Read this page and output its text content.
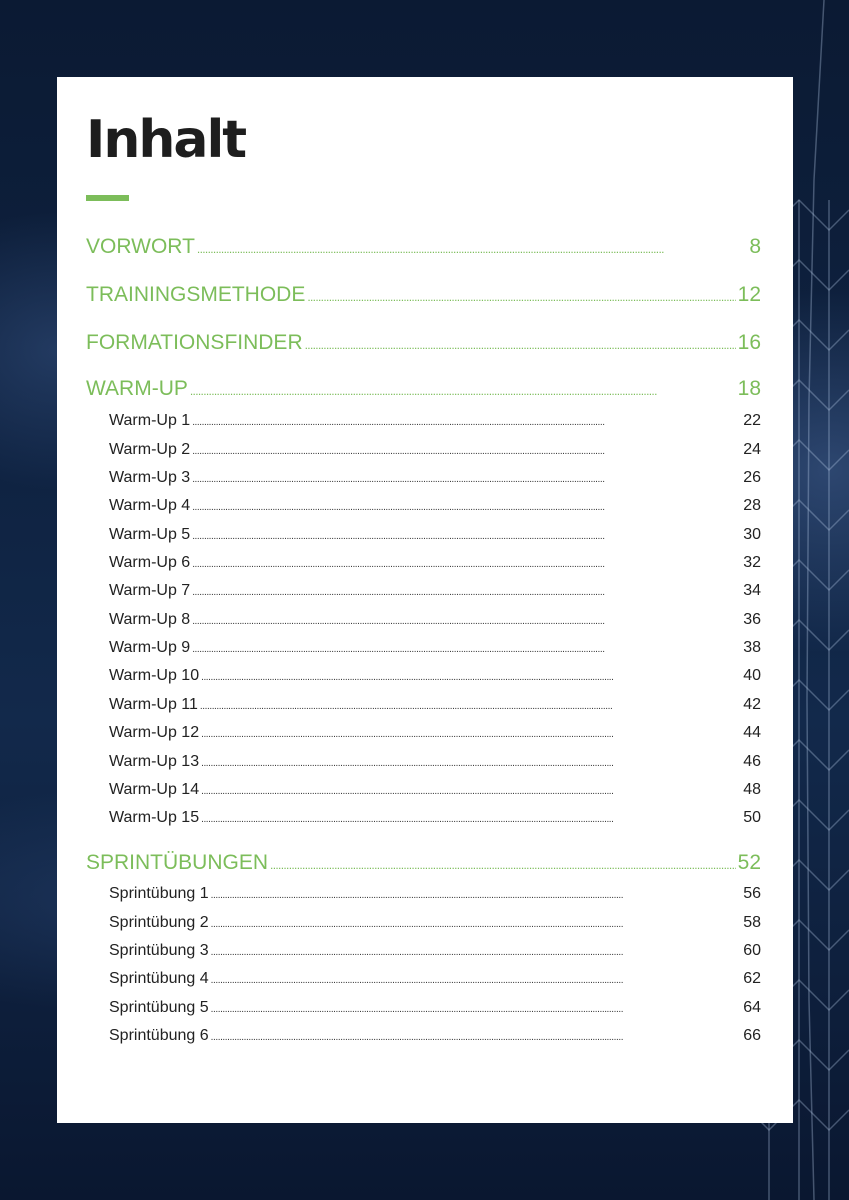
Inhalt
VORWORT . . .	8
TRAININGSMETHODE . . .	12
FORMATIONSFINDER . . .	16
WARM-UP . . .	18
Warm-Up 1 . . .	22
Warm-Up 2 . . .	24
Warm-Up 3 . . .	26
Warm-Up 4 . . .	28
Warm-Up 5 . . .	30
Warm-Up 6 . . .	32
Warm-Up 7 . . .	34
Warm-Up 8 . . .	36
Warm-Up 9 . . .	38
Warm-Up 10 . . .	40
Warm-Up 11 . . .	42
Warm-Up 12 . . .	44
Warm-Up 13 . . .	46
Warm-Up 14 . . .	48
Warm-Up 15 . . .	50
SPRINTÜBUNGEN . . .	52
Sprintübung 1 . . .	56
Sprintübung 2 . . .	58
Sprintübung 3 . . .	60
Sprintübung 4 . . .	62
Sprintübung 5 . . .	64
Sprintübung 6 . . .	66
